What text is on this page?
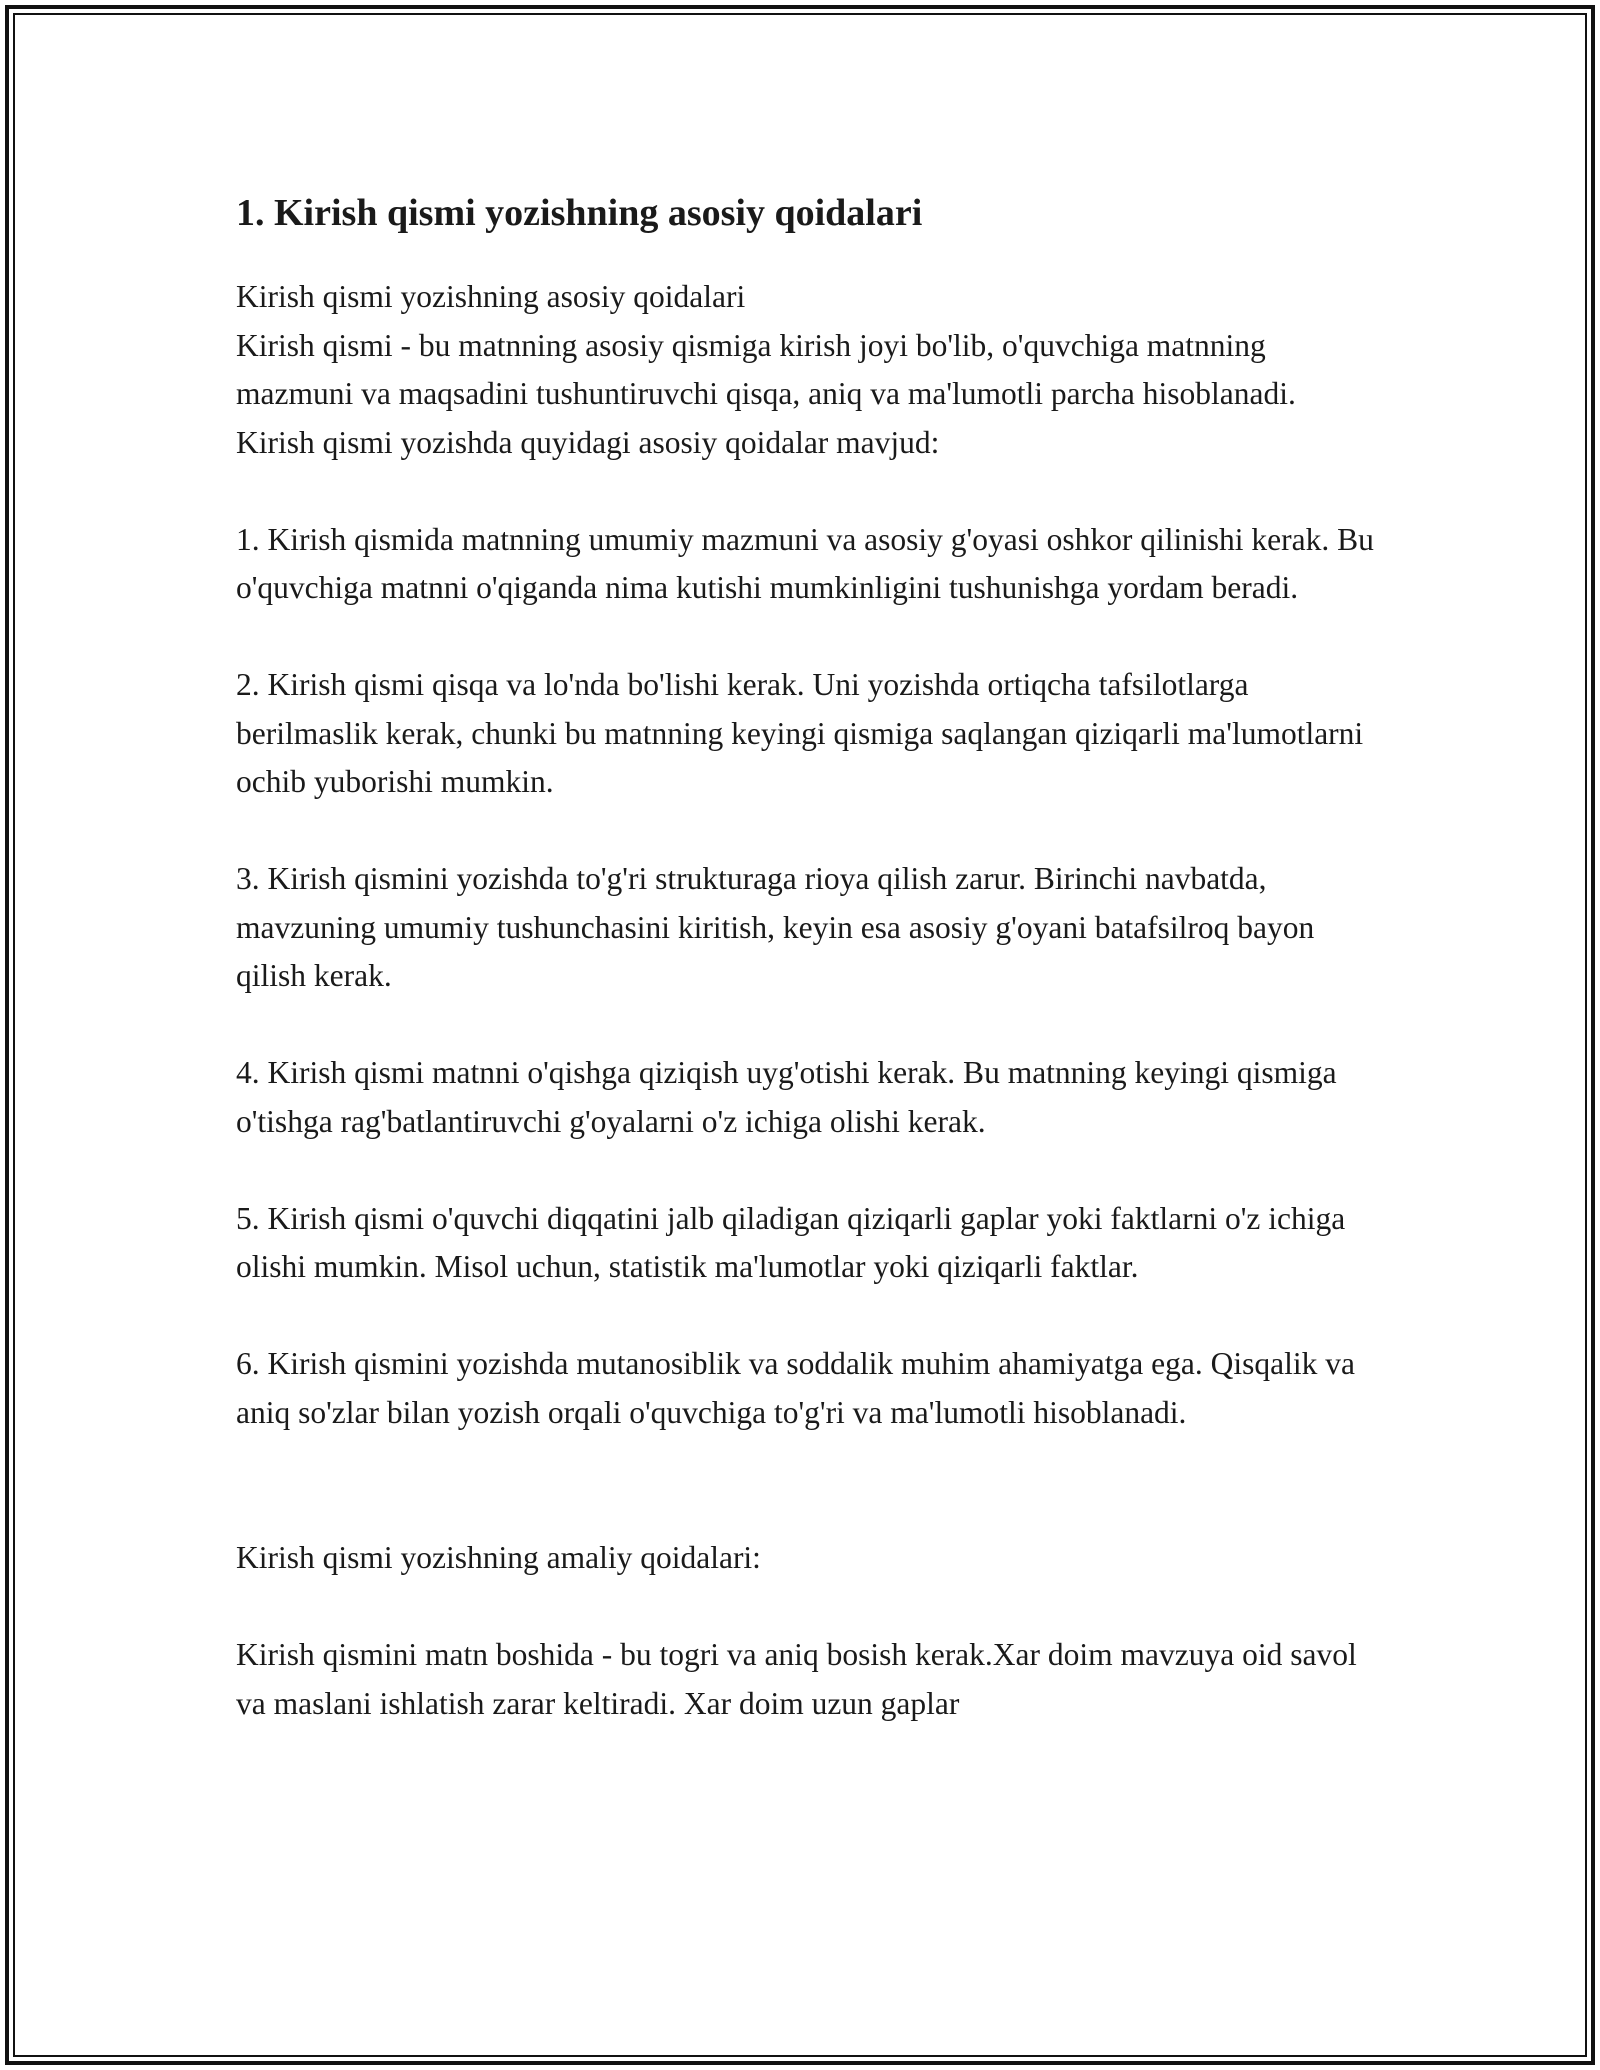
1. Kirish qismi yozishning asosiy qoidalari

Kirish qismi yozishning asosiy qoidalari

Kirish qismi - bu matnning asosiy qismiga kirish joyi bo'lib, o'quvchiga matnning mazmuni va maqsadini tushuntiruvchi qisqa, aniq va ma'lumotli parcha hisoblanadi. Kirish qismi yozishda quyidagi asosiy qoidalar mavjud:

1. Kirish qismida matnning umumiy mazmuni va asosiy g'oyasi oshkor qilinishi kerak. Bu o'quvchiga matnni o'qiganda nima kutishi mumkinligini tushunishga yordam beradi.

2. Kirish qismi qisqa va lo'nda bo'lishi kerak. Uni yozishda ortiqcha tafsilotlarga berilmaslik kerak, chunki bu matnning keyingi qismiga saqlangan qiziqarli ma'lumotlarni ochib yuborishi mumkin.

3. Kirish qismini yozishda to'g'ri strukturaga rioya qilish zarur. Birinchi navbatda, mavzuning umumiy tushunchasini kiritish, keyin esa asosiy g'oyani batafsilroq bayon qilish kerak.

4. Kirish qismi matnni o'qishga qiziqish uyg'otishi kerak. Bu matnning keyingi qismiga o'tishga rag'batlantiruvchi g'oyalarni o'z ichiga olishi kerak.

5. Kirish qismi o'quvchi diqqatini jalb qiladigan qiziqarli gaplar yoki faktlarni o'z ichiga olishi mumkin. Misol uchun, statistik ma'lumotlar yoki qiziqarli faktlar.

6. Kirish qismini yozishda mutanosiblik va soddalik muhim ahamiyatga ega. Qisqalik va aniq so'zlar bilan yozish orqali o'quvchiga to'g'ri va ma'lumotli hisoblanadi.

Kirish qismi yozishning amaliy qoidalari:

Kirish qismini matn boshida - bu togri va aniq bosish kerak.Xar doim mavzuya oid savol va maslani ishlatish zarar keltiradi. Xar doim uzun gaplar
